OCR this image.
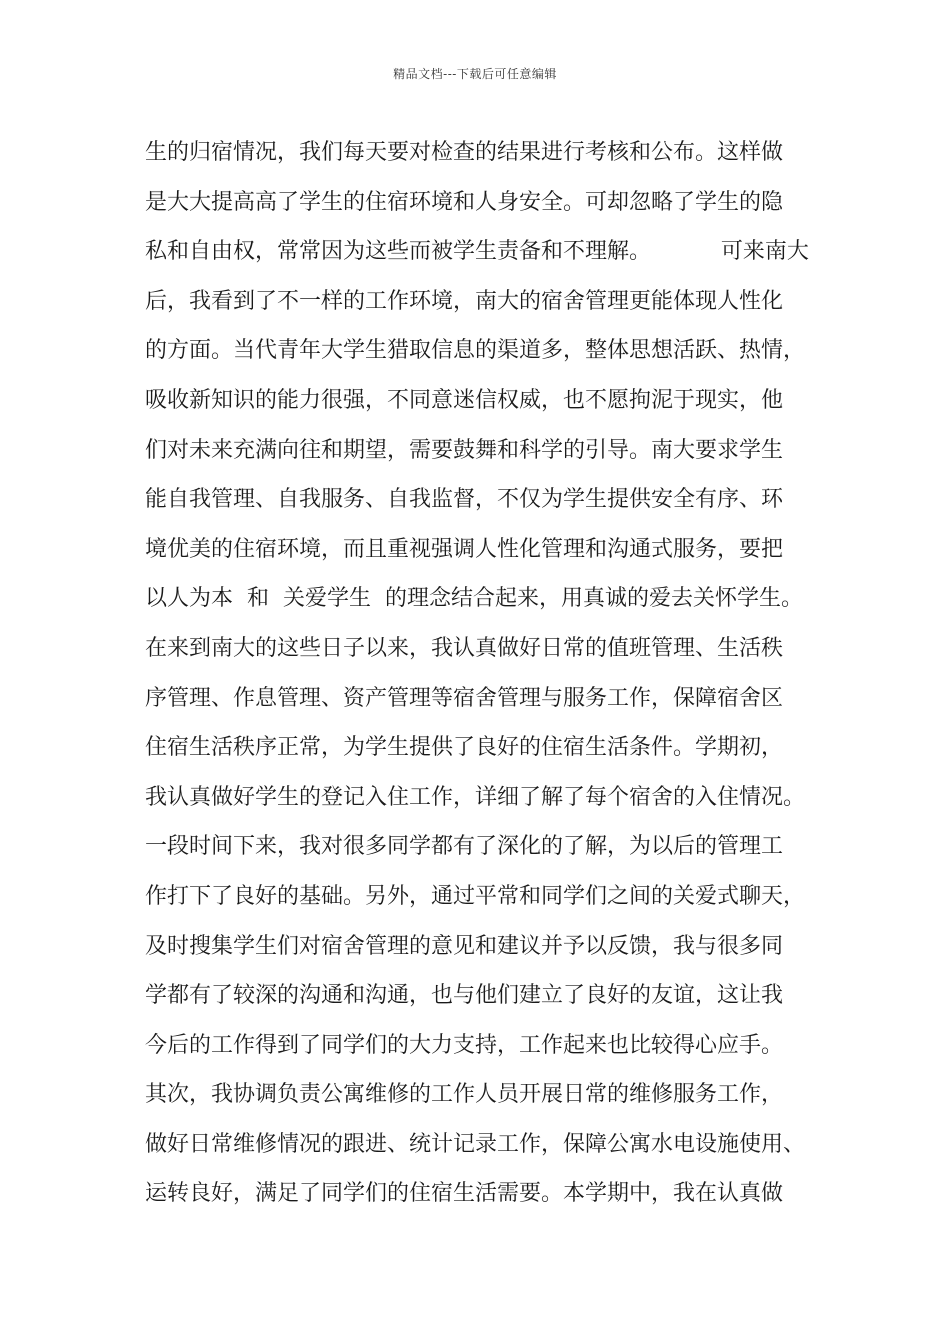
精品文档---下载后可任意编辑
生的归宿情况，我们每天要对检查的结果进行考核和公布。这样做
是大大提高高了学生的住宿环境和人身安全。可却忽略了学生的隐
私和自由权，常常因为这些而被学生责备和不理解。          可来南大
后，我看到了不一样的工作环境，南大的宿舍管理更能体现人性化
的方面。当代青年大学生猎取信息的渠道多，整体思想活跃、热情，
吸收新知识的能力很强，不同意迷信权威，也不愿拘泥于现实，他
们对未来充满向往和期望，需要鼓舞和科学的引导。南大要求学生
能自我管理、自我服务、自我监督，不仅为学生提供安全有序、环
境优美的住宿环境，而且重视强调人性化管理和沟通式服务，要把
以人为本  和  关爱学生  的理念结合起来，用真诚的爱去关怀学生。
在来到南大的这些日子以来，我认真做好日常的值班管理、生活秩
序管理、作息管理、资产管理等宿舍管理与服务工作，保障宿舍区
住宿生活秩序正常，为学生提供了良好的住宿生活条件。学期初，
我认真做好学生的登记入住工作，详细了解了每个宿舍的入住情况。
一段时间下来，我对很多同学都有了深化的了解，为以后的管理工
作打下了良好的基础。另外，通过平常和同学们之间的关爱式聊天，
及时搜集学生们对宿舍管理的意见和建议并予以反馈，我与很多同
学都有了较深的沟通和沟通，也与他们建立了良好的友谊，这让我
今后的工作得到了同学们的大力支持，工作起来也比较得心应手。
其次，我协调负责公寓维修的工作人员开展日常的维修服务工作，
做好日常维修情况的跟进、统计记录工作，保障公寓水电设施使用、
运转良好，满足了同学们的住宿生活需要。本学期中，我在认真做
